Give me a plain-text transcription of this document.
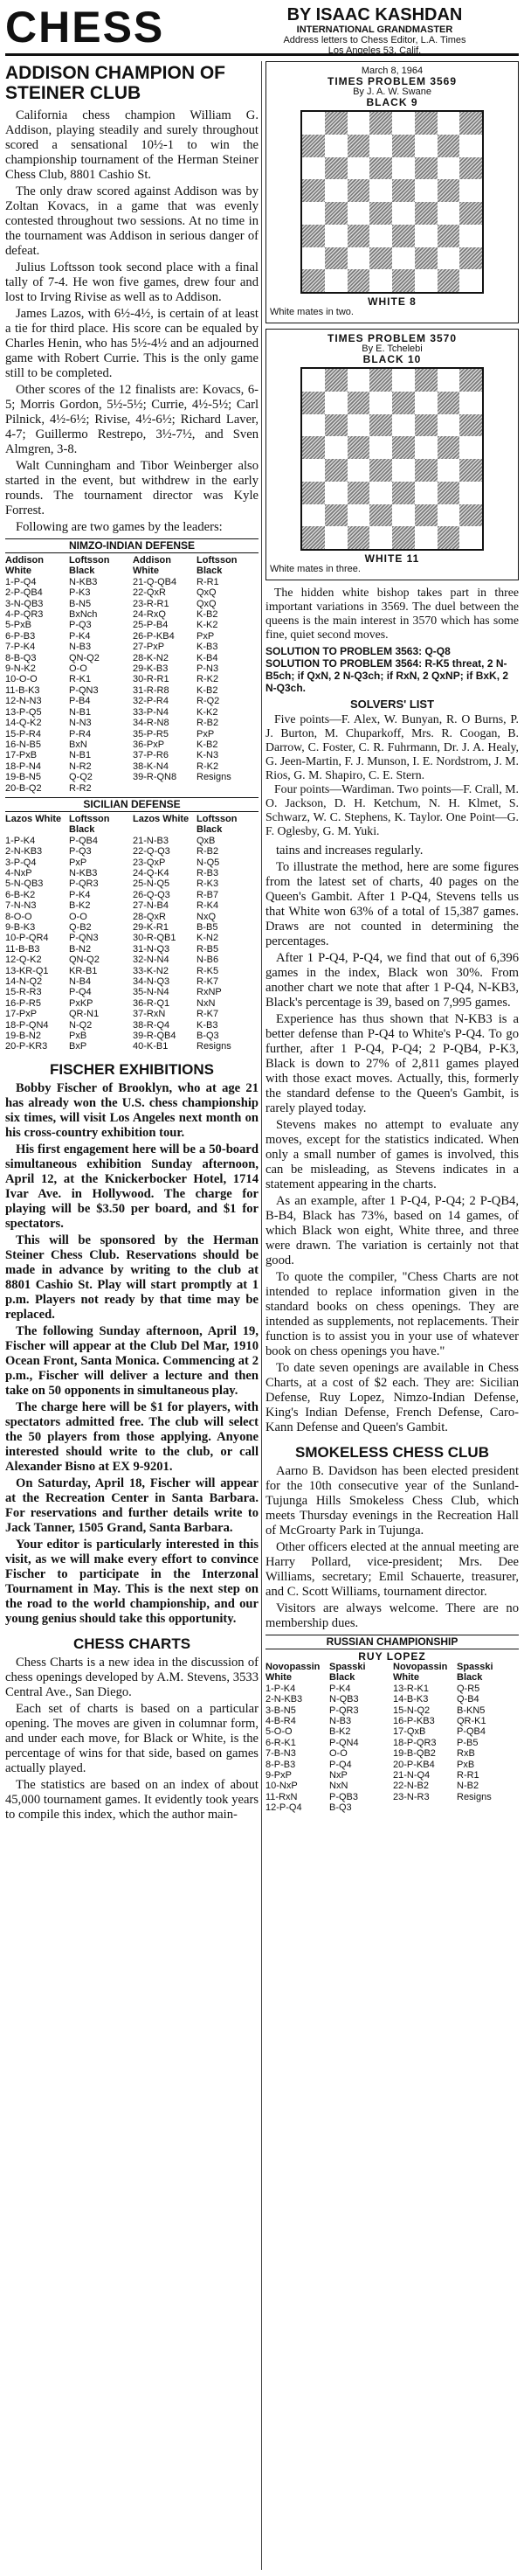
CHESS	BY ISAAC KASHDAN
INTERNATIONAL GRANDMASTER
Address letters to Chess Editor, L.A. Times
Los Angeles 53, Calif.
ADDISON CHAMPION OF STEINER CLUB

California chess champion William G. Addison, playing steadily and surely throughout scored a sensational 10½-1 to win the championship tournament of the Herman Steiner Chess Club, 8801 Cashio St.

The only draw scored against Addison was by Zoltan Kovacs, in a game that was evenly contested throughout two sessions. At no time in the tournament was Addison in serious danger of defeat.

Julius Loftsson took second place with a final tally of 7-4. He won five games, drew four and lost to Irving Rivise as well as to Addison.

James Lazos, with 6½-4½, is certain of at least a tie for third place. His score can be equaled by Charles Henin, who has 5½-4½ and an adjourned game with Robert Currie. This is the only game still to be completed.

Other scores of the 12 finalists are: Kovacs, 6-5; Morris Gordon, 5½-5½; Currie, 4½-5½; Carl Pilnick, 4½-6½; Rivise, 4½-6½; Richard Laver, 4-7; Guillermo Restrepo, 3½-7½, and Sven Almgren, 3-8.

Walt Cunningham and Tibor Weinberger also started in the event, but withdrew in the early rounds. The tournament director was Kyle Forrest.

Following are two games by the leaders:

NIMZO-INDIAN DEFENSE
Addison White
Loftsson Black
Addison White
Loftsson Black
1-P-Q4	N-KB3	21-Q-QB4	R-R1
2-P-QB4	P-K3	22-QxR	QxQ
3-N-QB3	B-N5	23-R-R1	QxQ
4-P-QR3	BxNch	24-RxQ	K-B2
5-PxB	P-Q3	25-P-B4	K-K2
6-P-B3	P-K4	26-P-KB4	PxP
7-P-K4	N-B3	27-PxP	K-B3
8-B-Q3	QN-Q2	28-K-N2	K-B4
9-N-K2	O-O	29-K-B3	P-N3
10-O-O	R-K1	30-R-R1	R-K2
11-B-K3	P-QN3	31-R-R8	K-B2
12-N-N3	P-B4	32-P-R4	R-Q2
13-P-Q5	N-B1	33-P-N4	K-K2
14-Q-K2	N-N3	34-R-N8	R-B2
15-P-R4	P-R4	35-P-R5	PxP
16-N-B5	BxN	36-PxP	K-B2
17-PxB	N-B1	37-P-R6	K-N3
18-P-N4	N-R2	38-K-N4	R-K2
19-B-N5	Q-Q2	39-R-QN8	Resigns
20-B-Q2	R-R2
SICILIAN DEFENSE
Lazos White Loftsson Black
Lazos White Loftsson Black
1-P-K4	P-QB4	21-N-B3	QxB
2-N-KB3	P-Q3	22-Q-Q3	R-B2
3-P-Q4	PxP	23-QxP	N-Q5
4-NxP	N-KB3	24-Q-K4	R-B3
5-N-QB3	P-QR3	25-N-Q5	R-K3
6-B-K2	P-K4	26-Q-Q3	R-B7
7-N-N3	B-K2	27-N-B4	R-K4
8-O-O	O-O	28-QxR	NxQ
9-B-K3	Q-B2	29-K-R1	B-B5
10-P-QR4	P-QN3	30-R-QB1	K-N2
11-B-B3	B-N2	31-N-Q3	R-B5
12-Q-K2	QN-Q2	32-N-N4	N-B6
13-KR-Q1	KR-B1	33-K-N2	R-K5
14-N-Q2	N-B4	34-N-Q3	R-K7
15-R-R3	P-Q4	35-N-N4	RxNP
16-P-R5	PxKP	36-R-Q1	NxN
17-PxP	QR-N1	37-RxN	R-K7
18-P-QN4	N-Q2	38-R-Q4	K-B3
19-B-N2	PxB	39-R-QB4	B-Q3
20-P-KR3	BxP	40-K-B1	Resigns
FISCHER EXHIBITIONS

Bobby Fischer of Brooklyn, who at age 21 has already won the U.S. chess championship six times, will visit Los Angeles next month on his cross-country exhibition tour.

His first engagement here will be a 50-board simultaneous exhibition Sunday afternoon, April 12, at the Knickerbocker Hotel, 1714 Ivar Ave. in Hollywood. The charge for playing will be $3.50 per board, and $1 for spectators.

This will be sponsored by the Herman Steiner Chess Club. Reservations should be made in advance by writing to the club at 8801 Cashio St. Play will start promptly at 1 p.m. Players not ready by that time may be replaced.

The following Sunday afternoon, April 19, Fischer will appear at the Club Del Mar, 1910 Ocean Front, Santa Monica. Commencing at 2 p.m., Fischer will deliver a lecture and then take on 50 opponents in simultaneous play.

The charge here will be $1 for players, with spectators admitted free. The club will select the 50 players from those applying. Anyone interested should write to the club, or call Alexander Bisno at EX 9-9201.

On Saturday, April 18, Fischer will appear at the Recreation Center in Santa Barbara. For reservations and further details write to Jack Tanner, 1505 Grand, Santa Barbara.

Your editor is particularly interested in this visit, as we will make every effort to convince Fischer to participate in the Interzonal Tournament in May. This is the next step on the road to the world championship, and our young genius should take this opportunity.

CHESS CHARTS

Chess Charts is a new idea in the discussion of chess openings developed by A.M. Stevens, 3533 Central Ave., San Diego.

Each set of charts is based on a particular opening. The moves are given in columnar form, and under each move, for Black or White, is the percentage of wins for that side, based on games actually played.

The statistics are based on an index of about 45,000 tournament games. It evidently took years to compile this index, which the author main-

March 8, 1964
TIMES PROBLEM 3569
By J. A. W. Swane
BLACK 9
WHITE 8
White mates in two.
TIMES PROBLEM 3570
By E. Tchelebi
BLACK 10
WHITE 11
White mates in three.

The hidden white bishop takes part in three important variations in 3569. The duel between the queens is the main interest in 3570 which has some fine, quiet second moves.

SOLUTION TO PROBLEM 3563: Q-Q8
SOLUTION TO PROBLEM 3564: R-K5 threat, 2 N-B5ch; if QxN, 2 N-Q3ch; if RxN, 2 QxNP; if BxK, 2 N-Q3ch.
SOLVERS' LIST

Five points—F. Alex, W. Bunyan, R. O Burns, P. J. Burton, M. Chuparkoff, Mrs. R. Coogan, B. Darrow, C. Foster, C. R. Fuhrmann, Dr. J. A. Healy, G. Jeen-Martin, F. J. Munson, I. E. Nordstrom, J. M. Rios, G. M. Shapiro, C. E. Stern.

Four points—Wardiman. Two points—F. Crall, M. O. Jackson, D. H. Ketchum, N. H. Klmet, S. Schwarz, W. C. Stephens, K. Taylor. One Point—G. F. Oglesby, G. M. Yuki.

tains and increases regularly.

To illustrate the method, here are some figures from the latest set of charts, 40 pages on the Queen's Gambit. After 1 P-Q4, Stevens tells us that White won 63% of a total of 15,387 games. Draws are not counted in determining the percentages.

After 1 P-Q4, P-Q4, we find that out of 6,396 games in the index, Black won 30%. From another chart we note that after 1 P-Q4, N-KB3, Black's percentage is 39, based on 7,995 games.

Experience has thus shown that N-KB3 is a better defense than P-Q4 to White's P-Q4. To go further, after 1 P-Q4, P-Q4; 2 P-QB4, P-K3, Black is down to 27% of 2,811 games played with those exact moves. Actually, this, formerly the standard defense to the Queen's Gambit, is rarely played today.

Stevens makes no attempt to evaluate any moves, except for the statistics indicated. When only a small number of games is involved, this can be misleading, as Stevens indicates in a statement appearing in the charts.

As an example, after 1 P-Q4, P-Q4; 2 P-QB4, B-B4, Black has 73%, based on 14 games, of which Black won eight, White three, and three were drawn. The variation is certainly not that good.

To quote the compiler, "Chess Charts are not intended to replace information given in the standard books on chess openings. They are intended as supplements, not replacements. Their function is to assist you in your use of whatever book on chess openings you have."

To date seven openings are available in Chess Charts, at a cost of $2 each. They are: Sicilian Defense, Ruy Lopez, Nimzo-Indian Defense, King's Indian Defense, French Defense, Caro-Kann Defense and Queen's Gambit.

SMOKELESS CHESS CLUB

Aarno B. Davidson has been elected president for the 10th consecutive year of the Sunland-Tujunga Hills Smokeless Chess Club, which meets Thursday evenings in the Recreation Hall of McGroarty Park in Tujunga.

Other officers elected at the annual meeting are Harry Pollard, vice-president; Mrs. Dee Williams, secretary; Emil Schauerte, treasurer, and C. Scott Williams, tournament director.

Visitors are always welcome. There are no membership dues.

RUSSIAN CHAMPIONSHIP
RUY LOPEZ
Novopassin White
Spasski Black
Novopassin White
Spasski Black
1-P-K4	P-K4	13-R-K1	Q-R5
2-N-KB3	N-QB3	14-B-K3	Q-B4
3-B-N5	P-QR3	15-N-Q2	B-KN5
4-B-R4	N-B3	16-P-KB3	QR-K1
5-O-O	B-K2	17-QxB	P-QB4
6-R-K1	P-QN4	18-P-QR3	P-B5
7-B-N3	O-O	19-B-QB2	RxB
8-P-B3	P-Q4	20-P-KB4	PxB
9-PxP	NxP	21-N-Q4	R-R1
10-NxP	NxN	22-N-B2	N-B2
11-RxN	P-QB3	23-N-R3	Resigns
12-P-Q4	B-Q3
